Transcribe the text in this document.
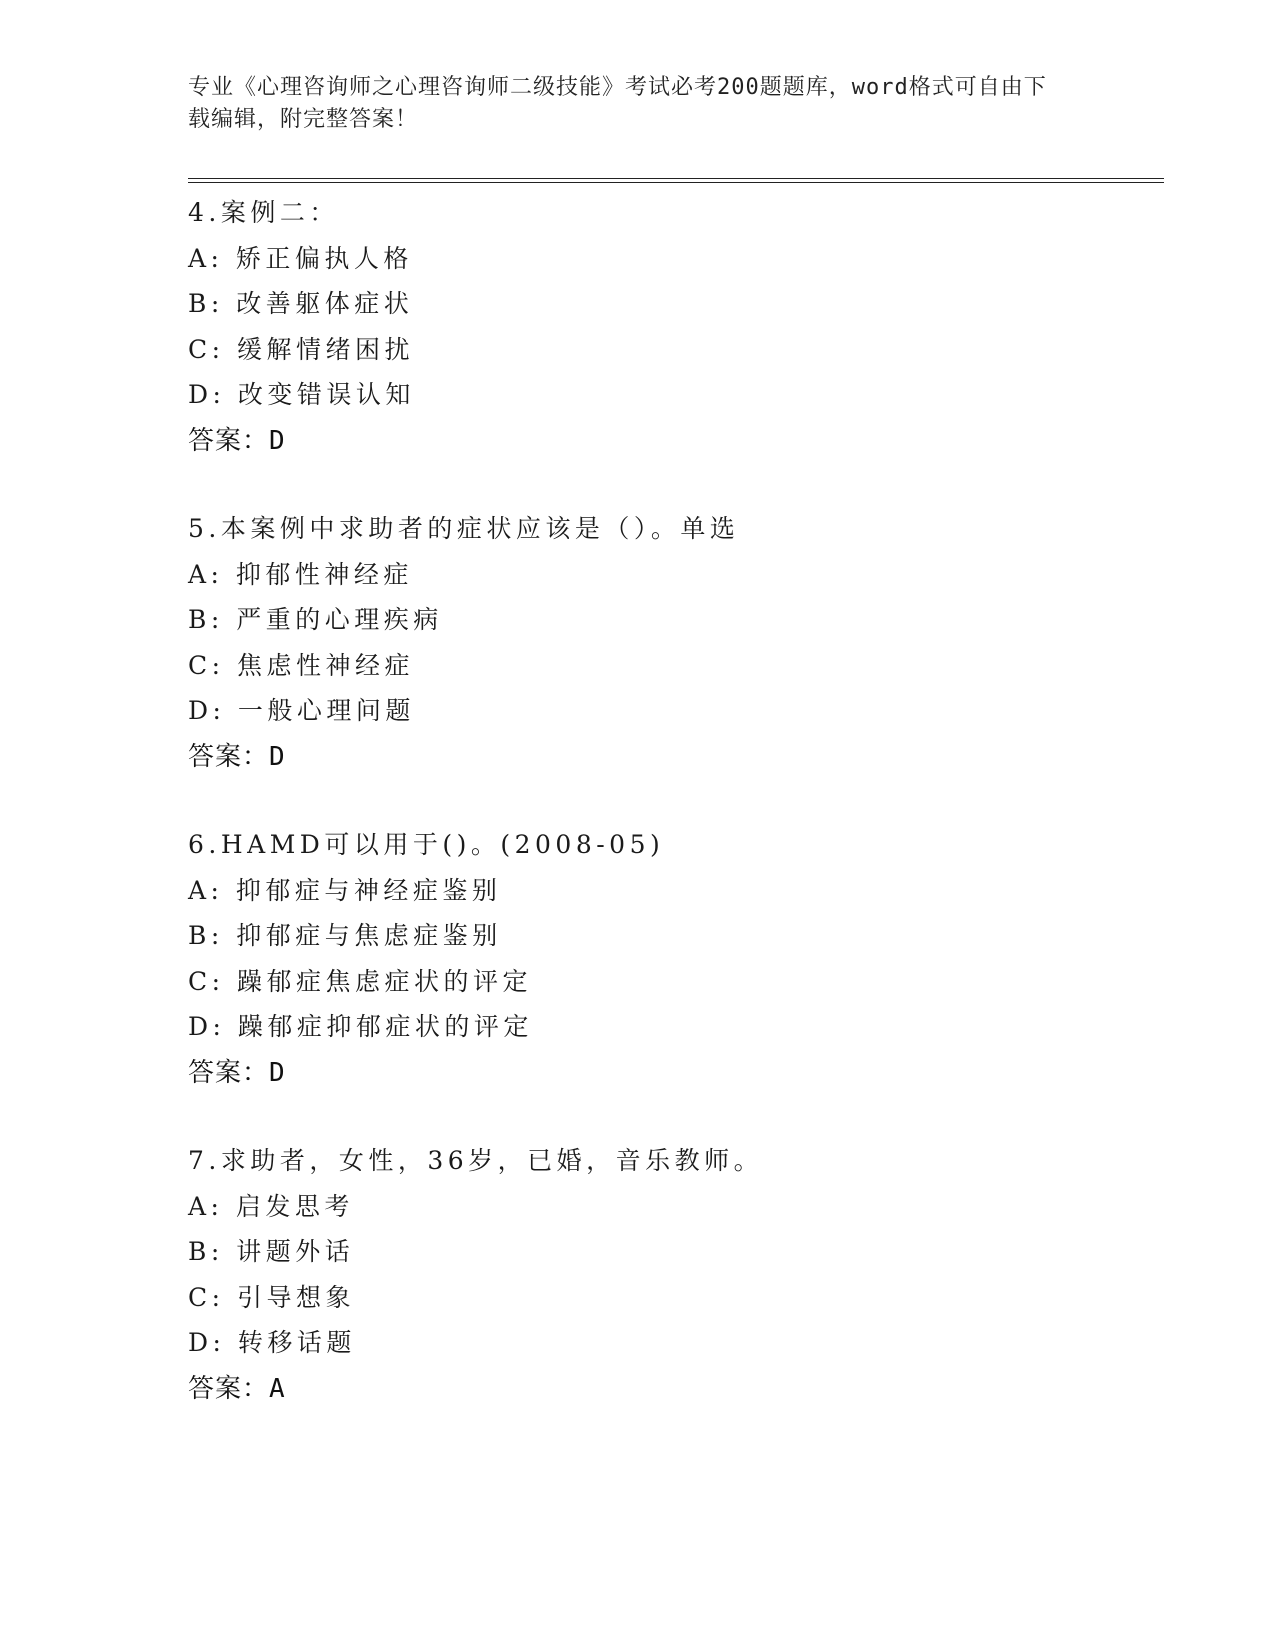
专业《心理咨询师之心理咨询师二级技能》考试必考200题题库，word格式可自由下载编辑，附完整答案！
4.案例二：
A: 矫正偏执人格
B: 改善躯体症状
C: 缓解情绪困扰
D: 改变错误认知
答案：D
5.本案例中求助者的症状应该是（）。单选
A: 抑郁性神经症
B: 严重的心理疾病
C: 焦虑性神经症
D: 一般心理问题
答案：D
6.HAMD可以用于()。(2008-05)
A: 抑郁症与神经症鉴别
B: 抑郁症与焦虑症鉴别
C: 躁郁症焦虑症状的评定
D: 躁郁症抑郁症状的评定
答案：D
7.求助者，女性，36岁，已婚，音乐教师。
A: 启发思考
B: 讲题外话
C: 引导想象
D: 转移话题
答案：A
